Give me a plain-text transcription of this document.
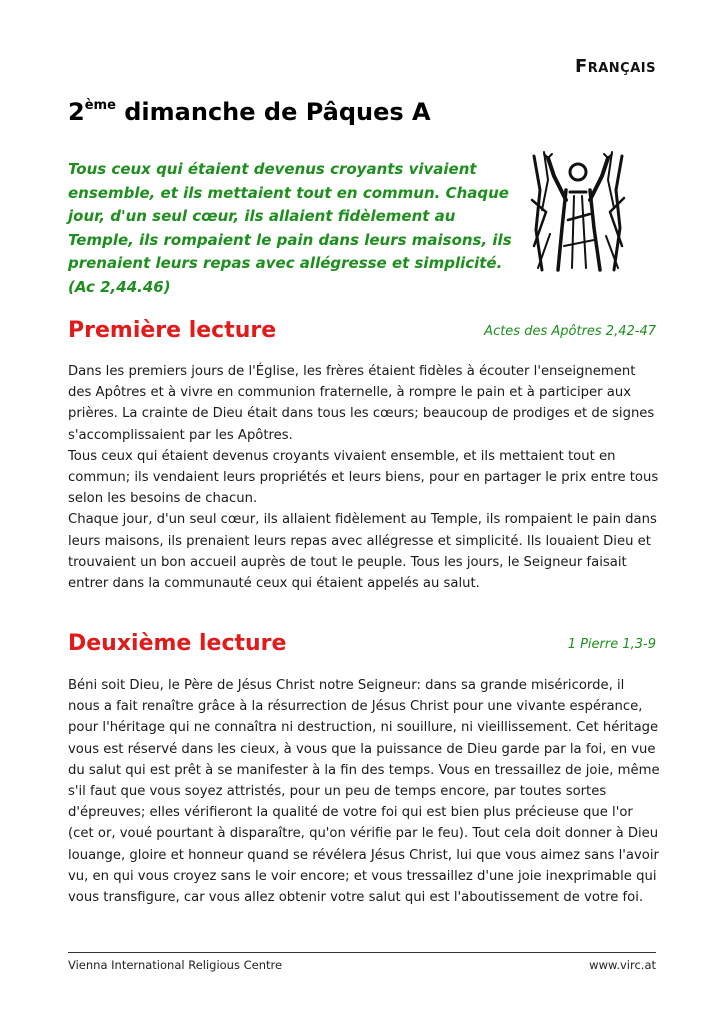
Français
2ème dimanche de Pâques A

Tous ceux qui étaient devenus croyants vivaient ensemble, et ils mettaient tout en commun. Chaque jour, d'un seul cœur, ils allaient fidèlement au Temple, ils rompaient le pain dans leurs maisons, ils prenaient leurs repas avec allégresse et simplicité. (Ac 2,44.46)

Première lecture	Actes des Apôtres 2,42-47

Dans les premiers jours de l'Église, les frères étaient fidèles à écouter l'enseignement des Apôtres et à vivre en communion fraternelle, à rompre le pain et à participer aux prières. La crainte de Dieu était dans tous les cœurs; beaucoup de prodiges et de signes s'accomplissaient par les Apôtres.

Tous ceux qui étaient devenus croyants vivaient ensemble, et ils mettaient tout en commun; ils vendaient leurs propriétés et leurs biens, pour en partager le prix entre tous selon les besoins de chacun.

Chaque jour, d'un seul cœur, ils allaient fidèlement au Temple, ils rompaient le pain dans leurs maisons, ils prenaient leurs repas avec allégresse et simplicité. Ils louaient Dieu et trouvaient un bon accueil auprès de tout le peuple. Tous les jours, le Seigneur faisait entrer dans la communauté ceux qui étaient appelés au salut.

Deuxième lecture	1 Pierre 1,3-9

Béni soit Dieu, le Père de Jésus Christ notre Seigneur: dans sa grande miséricorde, il nous a fait renaître grâce à la résurrection de Jésus Christ pour une vivante espérance, pour l'héritage qui ne connaîtra ni destruction, ni souillure, ni vieillissement. Cet héritage vous est réservé dans les cieux, à vous que la puissance de Dieu garde par la foi, en vue du salut qui est prêt à se manifester à la fin des temps. Vous en tressaillez de joie, même s'il faut que vous soyez attristés, pour un peu de temps encore, par toutes sortes d'épreuves; elles vérifieront la qualité de votre foi qui est bien plus précieuse que l'or (cet or, voué pourtant à disparaître, qu'on vérifie par le feu). Tout cela doit donner à Dieu louange, gloire et honneur quand se révélera Jésus Christ, lui que vous aimez sans l'avoir vu, en qui vous croyez sans le voir encore; et vous tressaillez d'une joie inexprimable qui vous transfigure, car vous allez obtenir votre salut qui est l'aboutissement de votre foi.

Vienna International Religious Centre	www.virc.at
